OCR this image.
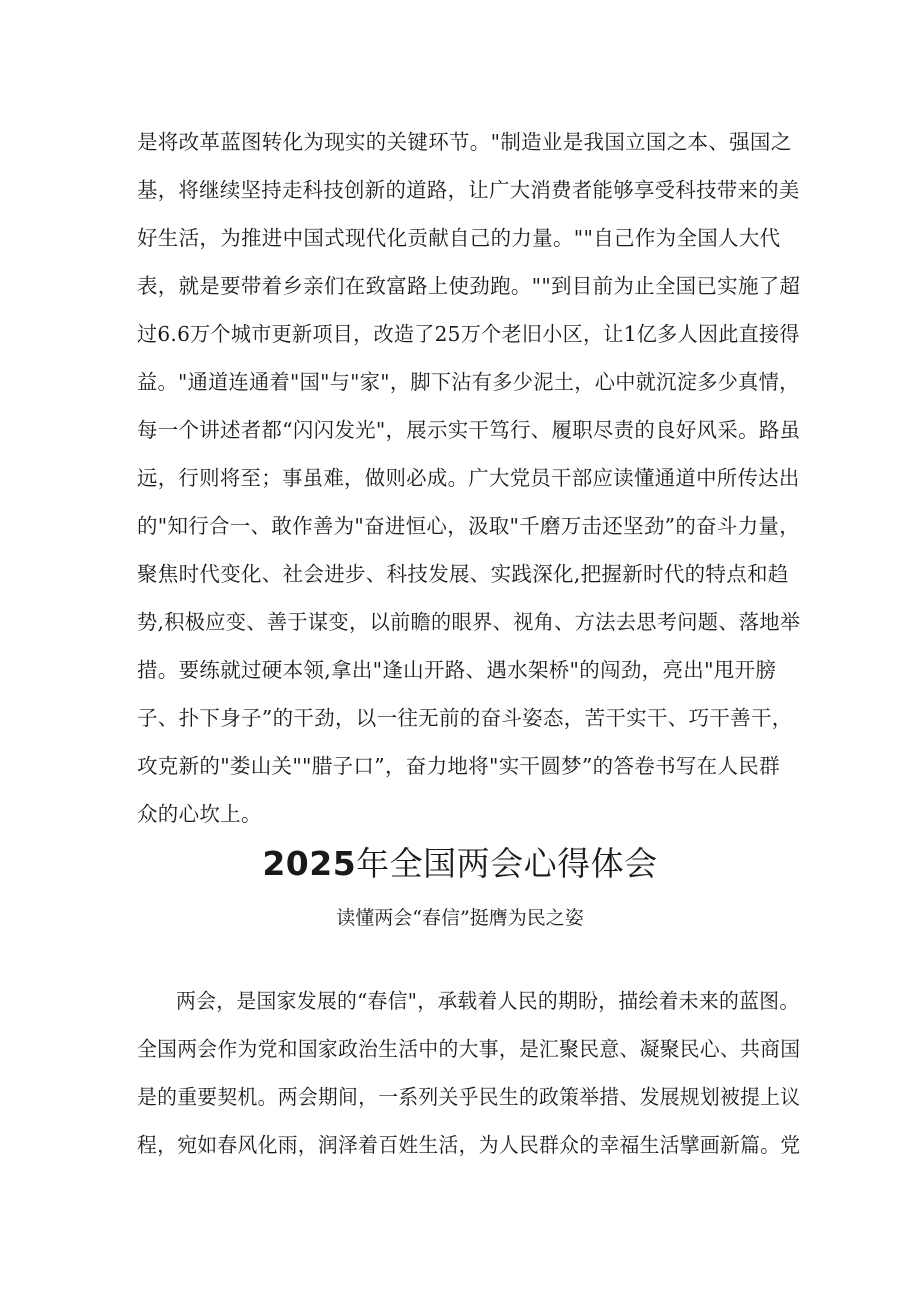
是将改革蓝图转化为现实的关键环节。"制造业是我国立国之本、强国之
基，将继续坚持走科技创新的道路，让广大消费者能够享受科技带来的美
好生活，为推进中国式现代化贡献自己的力量。""自己作为全国人大代
表，就是要带着乡亲们在致富路上使劲跑。""到目前为止全国已实施了超
过6.6万个城市更新项目，改造了25万个老旧小区，让1亿多人因此直接得
益。"通道连通着"国"与"家"，脚下沾有多少泥土，心中就沉淀多少真情，
每一个讲述者都“闪闪发光"，展示实干笃行、履职尽责的良好风采。路虽
远，行则将至；事虽难，做则必成。广大党员干部应读懂通道中所传达出
的"知行合一、敢作善为"奋进恒心，汲取"千磨万击还坚劲”的奋斗力量，
聚焦时代变化、社会进步、科技发展、实践深化,把握新时代的特点和趋
势,积极应变、善于谋变，以前瞻的眼界、视角、方法去思考问题、落地举
措。要练就过硬本领,拿出"逢山开路、遇水架桥"的闯劲，亮出"甩开膀
子、扑下身子”的干劲，以一往无前的奋斗姿态，苦干实干、巧干善干，
攻克新的"娄山关""腊子口”，奋力地将"实干圆梦”的答卷书写在人民群
众的心坎上。
2025年全国两会心得体会
读懂两会“春信”挺膺为民之姿
两会，是国家发展的“春信"，承载着人民的期盼，描绘着未来的蓝图。
全国两会作为党和国家政治生活中的大事，是汇聚民意、凝聚民心、共商国
是的重要契机。两会期间，一系列关乎民生的政策举措、发展规划被提上议
程，宛如春风化雨，润泽着百姓生活，为人民群众的幸福生活擘画新篇。党
